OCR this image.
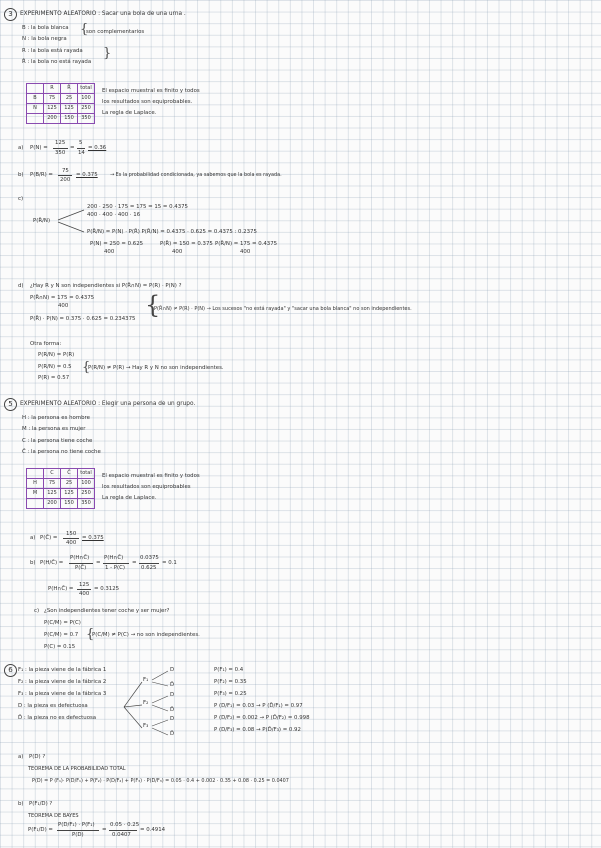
3	EXPERIMENTO ALEATORIO : Sacar una bola de una urna .
B : la bola blanca
N : la bola negra
R : la bola está rayada
R̄ : la bola no está rayada
{
son complementarios
}
	R	R̄	total
B	75	25	100
N	125	125	250
	200	150	350
El espacio muestral es finito y todos
los resultados son equiprobables.
La regla de Laplace.
a) P(N) =
125
350
=
5
14
= 0.36
b) P(B/R) =
75
200
= 0.375	→ Es la probabilidad condicionada, ya sabemos que la bola es rayada.
c)
P(R̄/N)
200 · 250 · 175 = 175 = 15 = 0.4375
400 · 400 · 400 · 16
P(R̄/N) = P(N) · P(R̄) P(R̄/N) = 0.4375 · 0.625 = 0.4375 : 0.2375
P(N) = 250 = 0.625
400
P(R̄) = 150 = 0.375
400
P(R̄/N) = 175 = 0.4375
400
d) ¿Hay R y N son independientes si P(R̄∩N) = P(R) · P(N) ?
P(R̄∩N) = 175 = 0.4375
400
P(R̄) · P(N) = 0.375 · 0.625 = 0.234375 {
P(R̄∩N) ≠ P(R) · P(N) → Los sucesos "no está rayada" y "sacar una bola blanca" no son independientes.
Otra forma:
P(R/N) = P(R)
P(R/N) = 0.5
P(R) = 0.57
{
P(R/N) ≠ P(R) → Hay R y N no son independientes.
5	EXPERIMENTO ALEATORIO : Elegir una persona de un grupo.
H : la persona es hombre
M : la persona es mujer
C : la persona tiene coche
C̄ : la persona no tiene coche
	C	C̄	total
H	75	25	100
M	125	125	250
	200	150	350
El espacio muestral es finito y todos
los resultados son equiprobables
La regla de Laplace.
a) P(C̄) =
150
400
= 0.375
b) P(H/C̄) =
P(H∩C̄)
P(C̄)
=
P(H∩C̄)
1 - P(C)
=
0.0375
0.625
= 0.1
P(H∩C̄) =
125
400
= 0.3125
c) ¿Son independientes tener coche y ser mujer?
P(C/M) = P(C)
P(C/M) = 0.7
P(C) = 0.15
{
P(C/M) ≠ P(C) → no son independientes.
6 F₁ : la pieza viene de la fábrica 1
F₂ : la pieza viene de la fábrica 2
F₃ : la pieza viene de la fábrica 3
D : la pieza es defectuosa
D̄ : la pieza no es defectuosa
F₁
F₂
F₃
D
D̄
D
D̄
D
D̄
P(F₁) = 0.4
P(F₂) = 0.35
P(F₃) = 0.25
P (D/F₁) = 0.03 → P (D̄/F₁) = 0.97
P (D/F₂) = 0.002 → P (D̄/F₂) = 0.998
P (D/F₃) = 0.08 → P(D̄/F₃) = 0.92
a) P(D) ?
TEOREMA DE LA PROBABILIDAD TOTAL
P(D) = P (F₁)· P(D/F₁) + P(F₂) · P(D/F₂) + P(F₃) · P(D/F₃) = 0.05 · 0.4 + 0.002 · 0.35 + 0.08 · 0.25 = 0.0407
b) P(F₁/D) ?
TEOREMA DE BAYES
P(F₁/D) =
P(D/F₁) · P(F₁)
P(D)
=
0.05 · 0.25
0.0407
= 0.4914
